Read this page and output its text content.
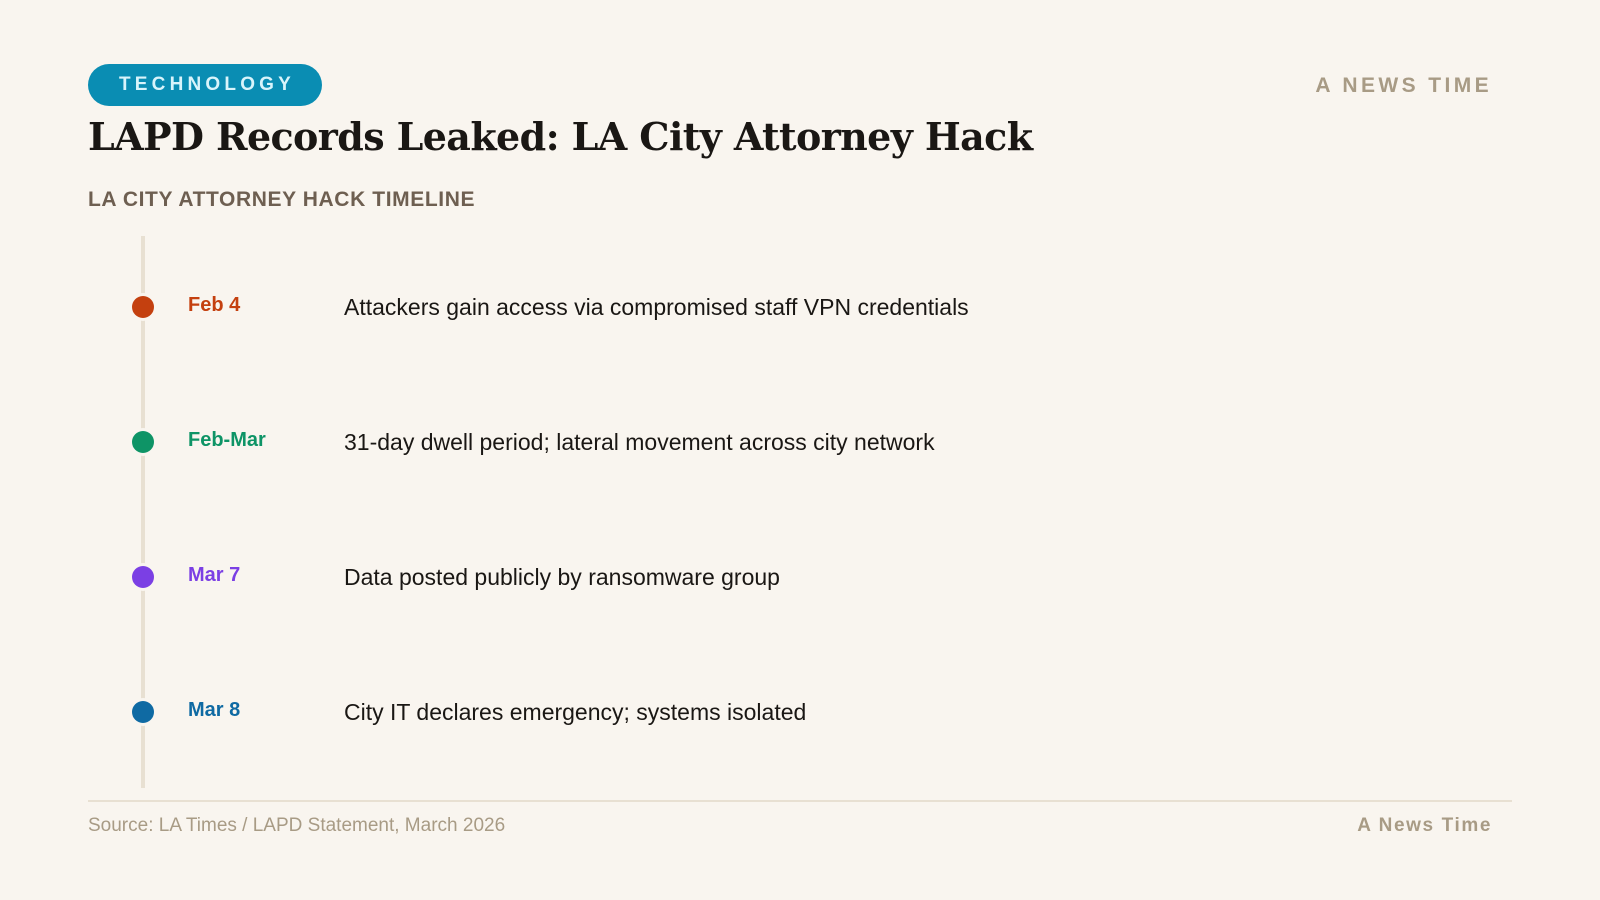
TECHNOLOGY	A NEWS TIME
LAPD Records Leaked: LA City Attorney Hack
LA CITY ATTORNEY HACK TIMELINE
Feb 4	Attackers gain access via compromised staff VPN credentials
Feb-Mar	31-day dwell period; lateral movement across city network
Mar 7	Data posted publicly by ransomware group
Mar 8	City IT declares emergency; systems isolated
Source: LA Times / LAPD Statement, March 2026	A News Time
